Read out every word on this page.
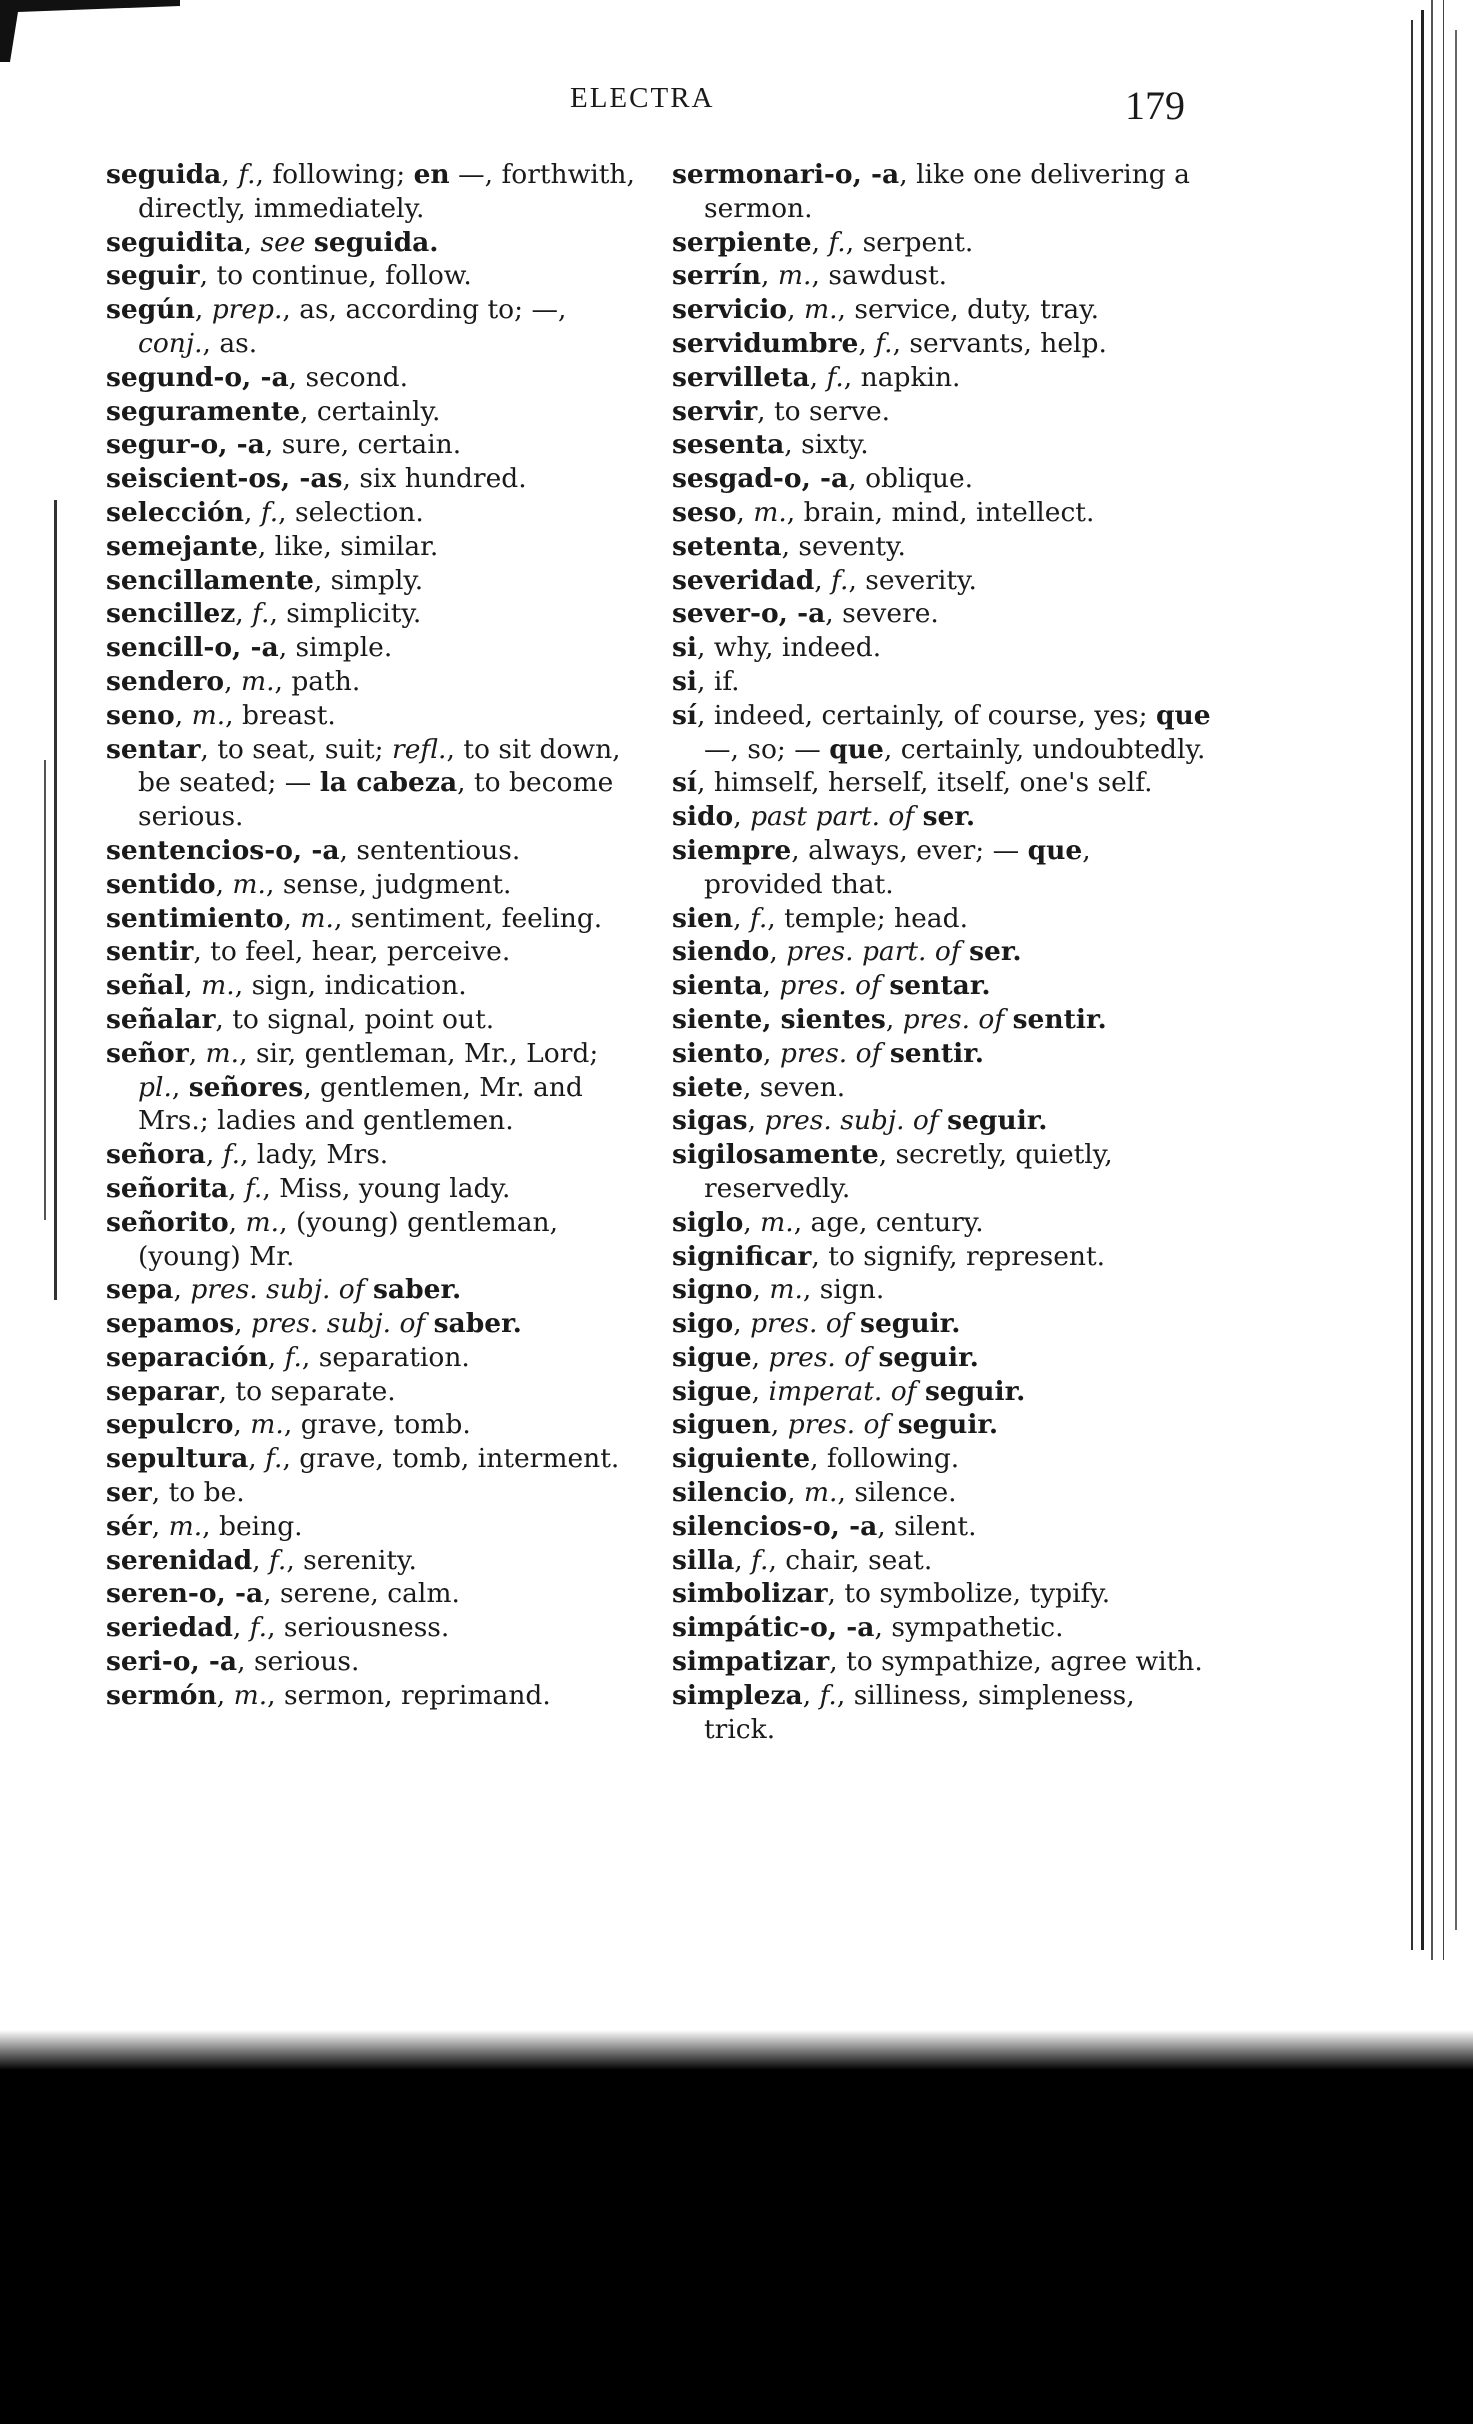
ELECTRA	179
seguida, f., following; en —, forthwith, directly, immediately.
seguidita, see seguida.
seguir, to continue, follow.
según, prep., as, according to; —, conj., as.
segund-o, -a, second.
seguramente, certainly.
segur-o, -a, sure, certain.
seiscient-os, -as, six hundred.
selección, f., selection.
semejante, like, similar.
sencillamente, simply.
sencillez, f., simplicity.
sencill-o, -a, simple.
sendero, m., path.
seno, m., breast.
sentar, to seat, suit; refl., to sit down, be seated; — la cabeza, to become serious.
sentencios-o, -a, sententious.
sentido, m., sense, judgment.
sentimiento, m., sentiment, feeling.
sentir, to feel, hear, perceive.
señal, m., sign, indication.
señalar, to signal, point out.
señor, m., sir, gentleman, Mr., Lord; pl., señores, gentlemen, Mr. and Mrs.; ladies and gentlemen.
señora, f., lady, Mrs.
señorita, f., Miss, young lady.
señorito, m., (young) gentleman, (young) Mr.
sepa, pres. subj. of saber.
sepamos, pres. subj. of saber.
separación, f., separation.
separar, to separate.
sepulcro, m., grave, tomb.
sepultura, f., grave, tomb, interment.
ser, to be.
sér, m., being.
serenidad, f., serenity.
seren-o, -a, serene, calm.
seriedad, f., seriousness.
seri-o, -a, serious.
sermón, m., sermon, reprimand.
sermonari-o, -a, like one delivering a sermon.
serpiente, f., serpent.
serrín, m., sawdust.
servicio, m., service, duty, tray.
servidumbre, f., servants, help.
servilleta, f., napkin.
servir, to serve.
sesenta, sixty.
sesgad-o, -a, oblique.
seso, m., brain, mind, intellect.
setenta, seventy.
severidad, f., severity.
sever-o, -a, severe.
si, why, indeed.
si, if.
sí, indeed, certainly, of course, yes; que —, so; — que, certainly, undoubtedly.
sí, himself, herself, itself, one's self.
sido, past part. of ser.
siempre, always, ever; — que, provided that.
sien, f., temple; head.
siendo, pres. part. of ser.
sienta, pres. of sentar.
siente, sientes, pres. of sentir.
siento, pres. of sentir.
siete, seven.
sigas, pres. subj. of seguir.
sigilosamente, secretly, quietly, reservedly.
siglo, m., age, century.
significar, to signify, represent.
signo, m., sign.
sigo, pres. of seguir.
sigue, pres. of seguir.
sigue, imperat. of seguir.
siguen, pres. of seguir.
siguiente, following.
silencio, m., silence.
silencios-o, -a, silent.
silla, f., chair, seat.
simbolizar, to symbolize, typify.
simpátic-o, -a, sympathetic.
simpatizar, to sympathize, agree with.
simpleza, f., silliness, simpleness, trick.
